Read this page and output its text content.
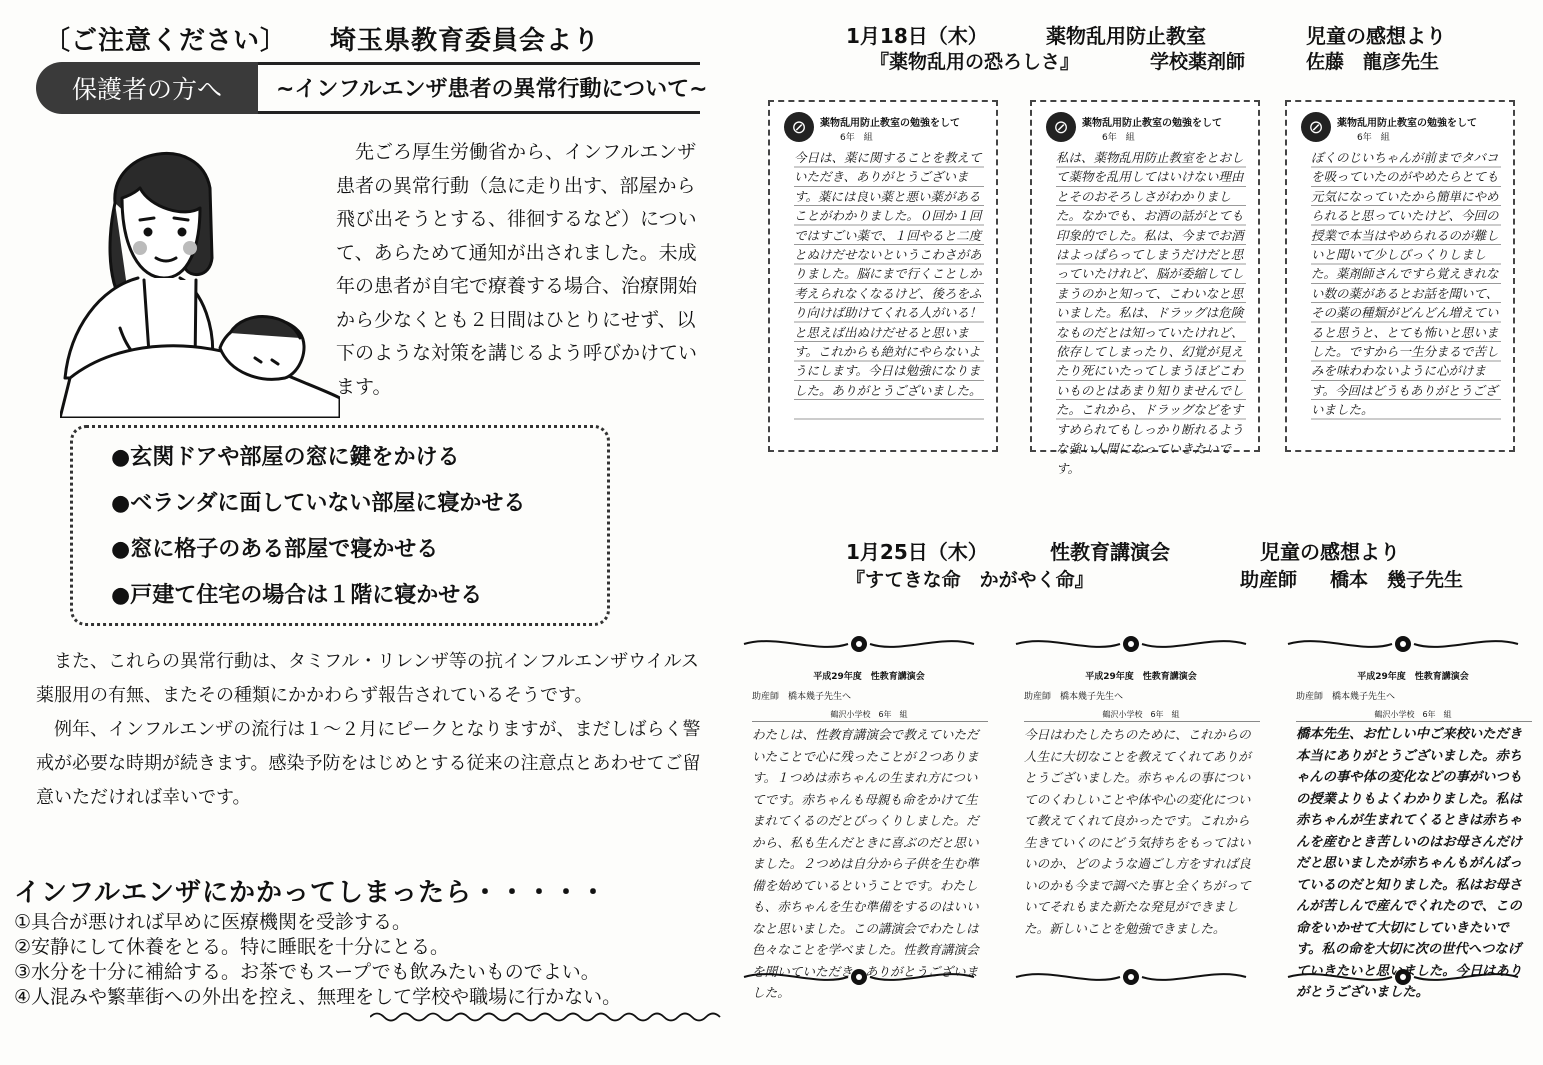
〔ご注意ください〕 埼玉県教育委員会より
保護者の方へ	~インフルエンザ患者の異常行動について~

先ごろ厚生労働省から、インフルエンザ患者の異常行動（急に走り出す、部屋から飛び出そうとする、徘徊するなど）について、あらためて通知が出されました。未成年の患者が自宅で療養する場合、治療開始から少なくとも２日間はひとりにせず、以下のような対策を講じるよう呼びかけています。

●玄関ドアや部屋の窓に鍵をかける
●ベランダに面していない部屋に寝かせる
●窓に格子のある部屋で寝かせる
●戸建て住宅の場合は１階に寝かせる

また、これらの異常行動は、タミフル・リレンザ等の抗インフルエンザウイルス薬服用の有無、またその種類にかかわらず報告されているそうです。

例年、インフルエンザの流行は１～２月にピークとなりますが、まだしばらく警戒が必要な時期が続きます。感染予防をはじめとする従来の注意点とあわせてご留意いただければ幸いです。

インフルエンザにかかってしまったら・・・・・
①具合が悪ければ早めに医療機関を受診する。
②安静にして休養をとる。特に睡眠を十分にとる。
③水分を十分に補給する。お茶でもスープでも飲みたいものでよい。
④人混みや繁華街への外出を控え、無理をして学校や職場に行かない。
1月18日（木）	薬物乱用防止教室	児童の感想より
『薬物乱用の恐ろしさ』	学校薬剤師	佐藤　龍彦先生
⊘	薬物乱用防止教室の勉強をして
6年　組
今日は、薬に関することを教えていただき、ありがとうございます。薬には良い薬と悪い薬があることがわかりました。０回か１回ではすごい薬で、１回やると二度とぬけだせないというこわさがありました。脳にまで行くことしか考えられなくなるけど、後ろをふり向けば助けてくれる人がいる！と思えば出ぬけだせると思います。これからも絶対にやらないようにします。今日は勉強になりました。ありがとうございました。
⊘	薬物乱用防止教室の勉強をして
6年　組
私は、薬物乱用防止教室をとおして薬物を乱用してはいけない理由とそのおそろしさがわかりました。なかでも、お酒の話がとても印象的でした。私は、今までお酒はよっぱらってしまうだけだと思っていたけれど、脳が委縮してしまうのかと知って、こわいなと思いました。私は、ドラッグは危険なものだとは知っていたけれど、依存してしまったり、幻覚が見えたり死にいたってしまうほどこわいものとはあまり知りませんでした。これから、ドラッグなどをすすめられてもしっかり断れるような強い人間になっていきたいです。
⊘	薬物乱用防止教室の勉強をして
6年　組
ぼくのじいちゃんが前までタバコを吸っていたのがやめたらとても元気になっていたから簡単にやめられると思っていたけど、今回の授業で本当はやめられるのが難しいと聞いて少しびっくりしました。薬剤師さんですら覚えきれない数の薬があるとお話を聞いて、その薬の種類がどんどん増えていると思うと、とても怖いと思いました。ですから一生分まるで苦しみを味わわないように心がけます。今回はどうもありがとうございました。
1月25日（木）	性教育講演会	児童の感想より
『すてきな命　かがやく命』	助産師 橋本　幾子先生
平成29年度　性教育講演会
助産師　橋本幾子先生へ
鶴沢小学校　6年　組
わたしは、性教育講演会で教えていただいたことで心に残ったことが２つあります。１つめは赤ちゃんの生まれ方についてです。赤ちゃんも母親も命をかけて生まれてくるのだとびっくりしました。だから、私も生んだときに喜ぶのだと思いました。２つめは自分から子供を生む準備を始めているということです。わたしも、赤ちゃんを生む準備をするのはいいなと思いました。この講演会でわたしは色々なことを学べました。性教育講演会を聞いていただき、ありがとうございました。
平成29年度　性教育講演会
助産師　橋本幾子先生へ
鶴沢小学校　6年　組
今日はわたしたちのために、これからの人生に大切なことを教えてくれてありがとうございました。赤ちゃんの事についてのくわしいことや体や心の変化について教えてくれて良かったです。これから生きていくのにどう気持ちをもってはいいのか、どのような過ごし方をすれば良いのかも今まで調べた事と全くちがっていてそれもまた新たな発見ができました。新しいことを勉強できました。
平成29年度　性教育講演会
助産師　橋本幾子先生へ
鶴沢小学校　6年　組
橋本先生、お忙しい中ご来校いただき本当にありがとうございました。赤ちゃんの事や体の変化などの事がいつもの授業よりもよくわかりました。私は赤ちゃんが生まれてくるときは赤ちゃんを産むとき苦しいのはお母さんだけだと思いましたが赤ちゃんもがんばっているのだと知りました。私はお母さんが苦しんで産んでくれたので、この命をいかせて大切にしていきたいです。私の命を大切に次の世代へつなげていきたいと思いました。今日はありがとうございました。
